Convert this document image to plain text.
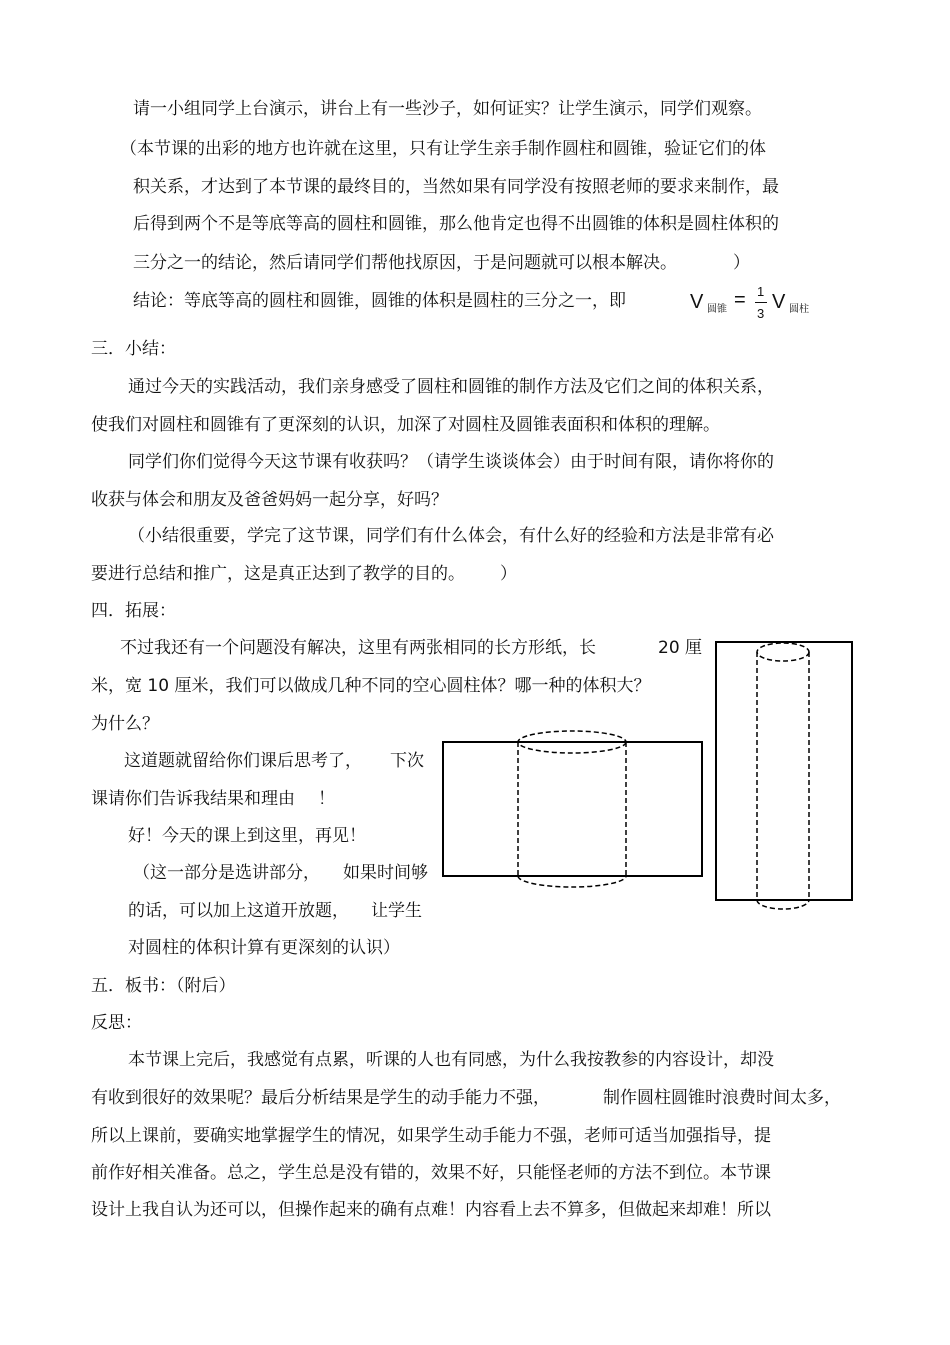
请一小组同学上台演示，讲台上有一些沙子，如何证实？让学生演示，同学们观察。
（本节课的出彩的地方也许就在这里，只有让学生亲手制作圆柱和圆锥，验证它们的体
积关系，才达到了本节课的最终目的，当然如果有同学没有按照老师的要求来制作，最
后得到两个不是等底等高的圆柱和圆锥，那么他肯定也得不出圆锥的体积是圆柱体积的
三分之一的结论，然后请同学们帮他找原因，于是问题就可以根本解决。	）
结论：等底等高的圆柱和圆锥，圆锥的体积是圆柱的三分之一，即	V 圆锥 = 1
3
V 圆柱
三．小结：
通过今天的实践活动，我们亲身感受了圆柱和圆锥的制作方法及它们之间的体积关系，
使我们对圆柱和圆锥有了更深刻的认识，加深了对圆柱及圆锥表面积和体积的理解。
同学们你们觉得今天这节课有收获吗？（请学生谈谈体会）由于时间有限，请你将你的
收获与体会和朋友及爸爸妈妈一起分享，好吗？
（小结很重要，学完了这节课，同学们有什么体会，有什么好的经验和方法是非常有必
要进行总结和推广，这是真正达到了教学的目的。 ）
四．拓展：
不过我还有一个问题没有解决，这里有两张相同的长方形纸，长	20 厘
米，宽 10 厘米，我们可以做成几种不同的空心圆柱体？哪一种的体积大？
为什么？
这道题就留给你们课后思考了， 下次
课请你们告诉我结果和理由 ！
好！今天的课上到这里，再见！
（这一部分是选讲部分， 如果时间够
的话，可以加上这道开放题， 让学生
对圆柱的体积计算有更深刻的认识）
五．板书：（附后）
反思：
本节课上完后，我感觉有点累，听课的人也有同感，为什么我按教参的内容设计，却没
有收到很好的效果呢？最后分析结果是学生的动手能力不强，	制作圆柱圆锥时浪费时间太多，
所以上课前，要确实地掌握学生的情况，如果学生动手能力不强，老师可适当加强指导，提
前作好相关准备。总之，学生总是没有错的，效果不好，只能怪老师的方法不到位。本节课
设计上我自认为还可以，但操作起来的确有点难！内容看上去不算多，但做起来却难！所以
